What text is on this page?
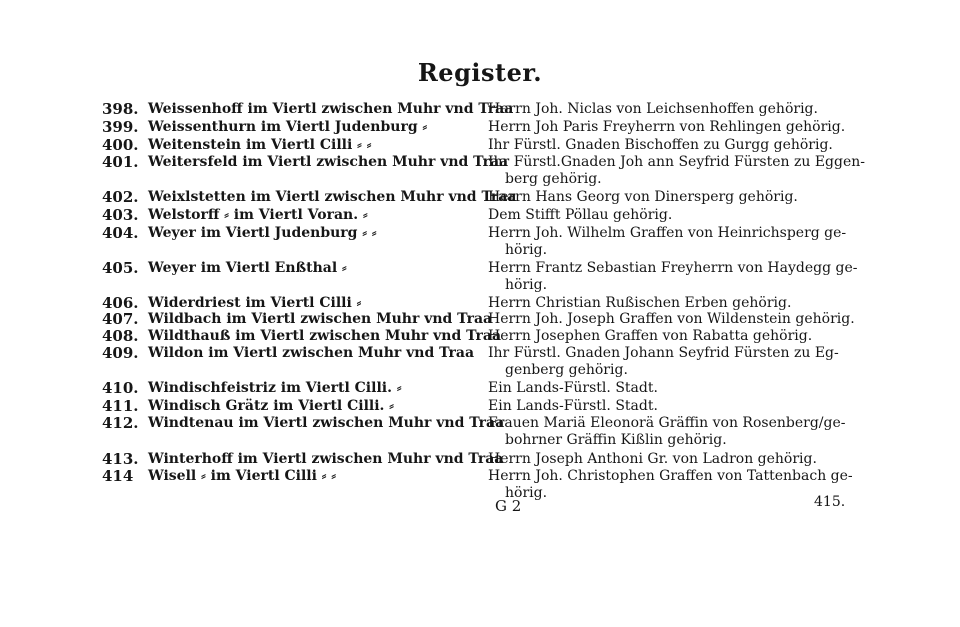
Register.
398. Weissenhoff im Viertl zwischen Muhr vnd Traa
399. Weissenthurn im Viertl Judenburg ⸗
400. Weitenstein im Viertl Cilli ⸗ ⸗
401. Weitersfeld im Viertl zwischen Muhr vnd Traa
402. Weixlstetten im Viertl zwischen Muhr vnd Traa
403. Welstorff ⸗ im Viertl Voran. ⸗
404. Weyer im Viertl Judenburg ⸗ ⸗
405. Weyer im Viertl Enßthal ⸗
406. Widerdriest im Viertl Cilli ⸗
407. Wildbach im Viertl zwischen Muhr vnd Traa
408. Wildthauß im Viertl zwischen Muhr vnd Traa
409. Wildon im Viertl zwischen Muhr vnd Traa
410. Windischfeistriz im Viertl Cilli. ⸗
411. Windisch Grätz im Viertl Cilli. ⸗
412. Windtenau im Viertl zwischen Muhr vnd Traa
413. Winterhoff im Viertl zwischen Muhr vnd Traa
414	Wisell ⸗ im Viertl Cilli ⸗ ⸗
Herrn Joh. Niclas von Leichsenhoffen gehörig.
Herrn Joh Paris Freyherrn von Rehlingen gehörig.
Ihr Fürstl. Gnaden Bischoffen zu Gurgg gehörig.
Ihr Fürstl.Gnaden Joh ann Seyfrid Fürsten zu Eggen-
berg gehörig.
Herrn Hans Georg von Dinersperg gehörig.
Dem Stifft Pöllau gehörig.
Herrn Joh. Wilhelm Graffen von Heinrichsperg ge-
hörig.
Herrn Frantz Sebastian Freyherrn von Haydegg ge-
hörig.
Herrn Christian Rußischen Erben gehörig.
Herrn Joh. Joseph Graffen von Wildenstein gehörig.
Herrn Josephen Graffen von Rabatta gehörig.
Ihr Fürstl. Gnaden Johann Seyfrid Fürsten zu Eg-
genberg gehörig.
Ein Lands-Fürstl. Stadt.
Ein Lands-Fürstl. Stadt.
Frauen Mariä Eleonorä Gräffin von Rosenberg/ge-
bohrner Gräffin Kißlin gehörig.
Herrn Joseph Anthoni Gr. von Ladron gehörig.
Herrn Joh. Christophen Graffen von Tattenbach ge-
hörig.
G 2	415.
